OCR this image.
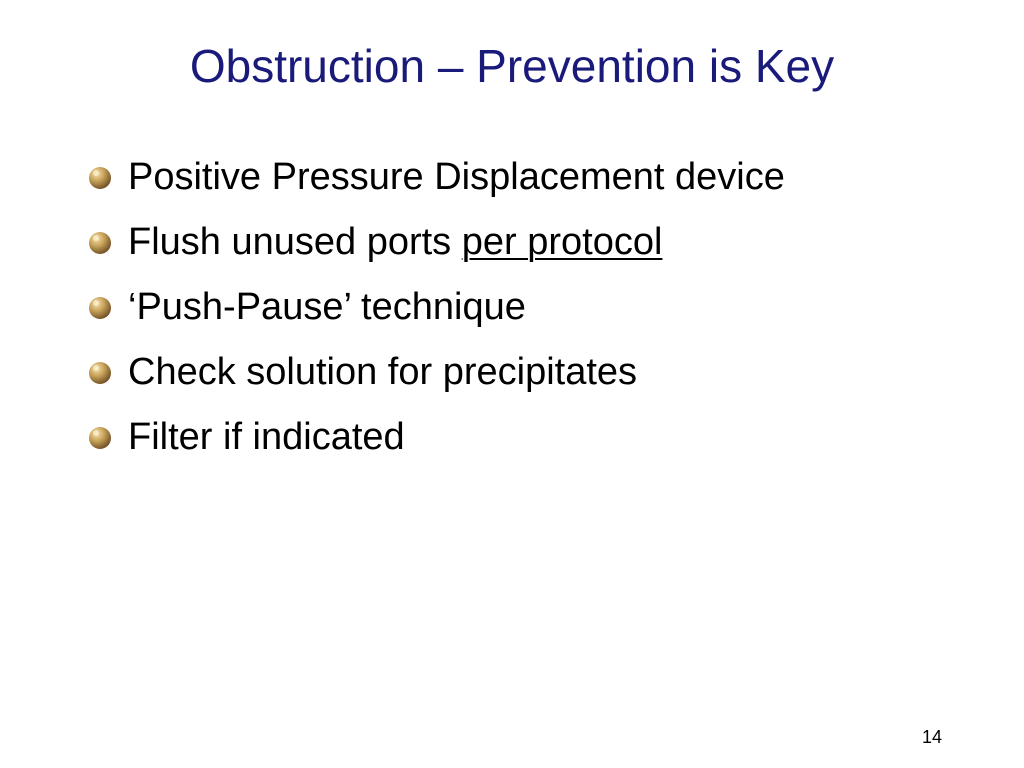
Obstruction – Prevention is Key
Positive Pressure Displacement device
Flush unused ports per protocol
‘Push-Pause’ technique
Check solution for precipitates
Filter if indicated
14
